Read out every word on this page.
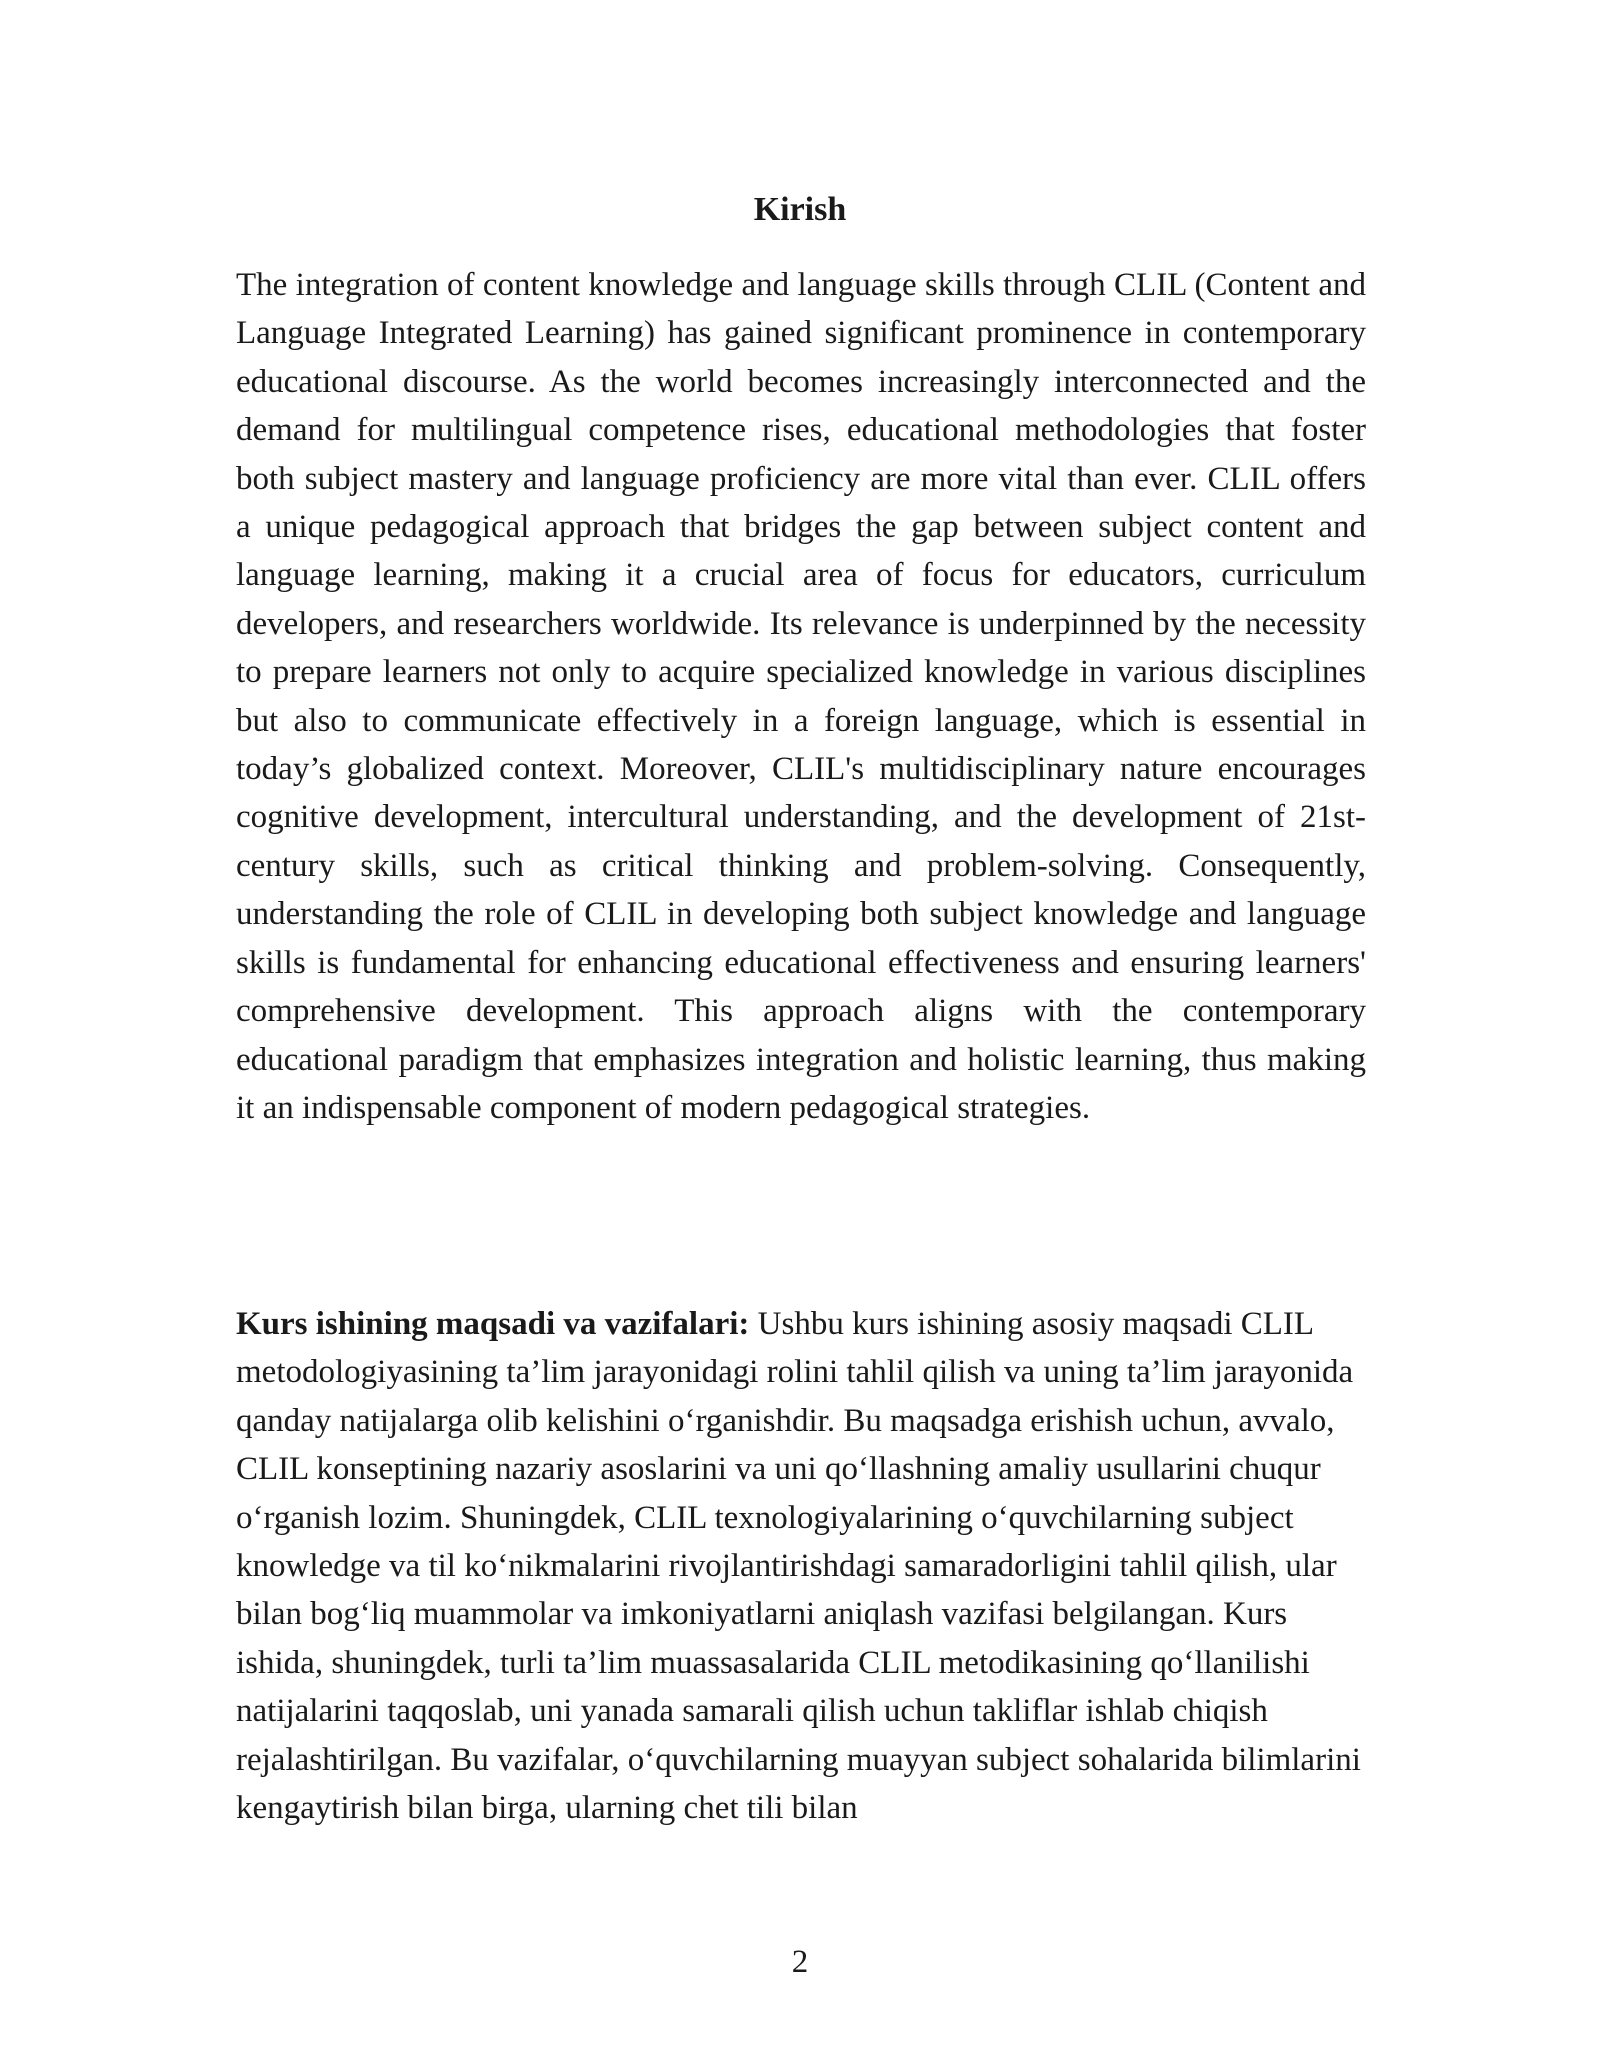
Kirish

The integration of content knowledge and language skills through CLIL (Content and Language Integrated Learning) has gained significant prominence in contemporary educational discourse. As the world becomes increasingly interconnected and the demand for multilingual competence rises, educational methodologies that foster both subject mastery and language proficiency are more vital than ever. CLIL offers a unique pedagogical approach that bridges the gap between subject content and language learning, making it a crucial area of focus for educators, curriculum developers, and researchers worldwide. Its relevance is underpinned by the necessity to prepare learners not only to acquire specialized knowledge in various disciplines but also to communicate effectively in a foreign language, which is essential in today’s globalized context. Moreover, CLIL's multidisciplinary nature encourages cognitive development, intercultural understanding, and the development of 21st-century skills, such as critical thinking and problem-solving. Consequently, understanding the role of CLIL in developing both subject knowledge and language skills is fundamental for enhancing educational effectiveness and ensuring learners' comprehensive development. This approach aligns with the contemporary educational paradigm that emphasizes integration and holistic learning, thus making it an indispensable component of modern pedagogical strategies.

Kurs ishining maqsadi va vazifalari: Ushbu kurs ishining asosiy maqsadi CLIL metodologiyasining ta’lim jarayonidagi rolini tahlil qilish va uning ta’lim jarayonida qanday natijalarga olib kelishini o‘rganishdir. Bu maqsadga erishish uchun, avvalo, CLIL konseptining nazariy asoslarini va uni qo‘llashning amaliy usullarini chuqur o‘rganish lozim. Shuningdek, CLIL texnologiyalarining o‘quvchilarning subject knowledge va til ko‘nikmalarini rivojlantirishdagi samaradorligini tahlil qilish, ular bilan bog‘liq muammolar va imkoniyatlarni aniqlash vazifasi belgilangan. Kurs ishida, shuningdek, turli ta’lim muassasalarida CLIL metodikasining qo‘llanilishi natijalarini taqqoslab, uni yanada samarali qilish uchun takliflar ishlab chiqish rejalashtirilgan. Bu vazifalar, o‘quvchilarning muayyan subject sohalarida bilimlarini kengaytirish bilan birga, ularning chet tili bilan

2
